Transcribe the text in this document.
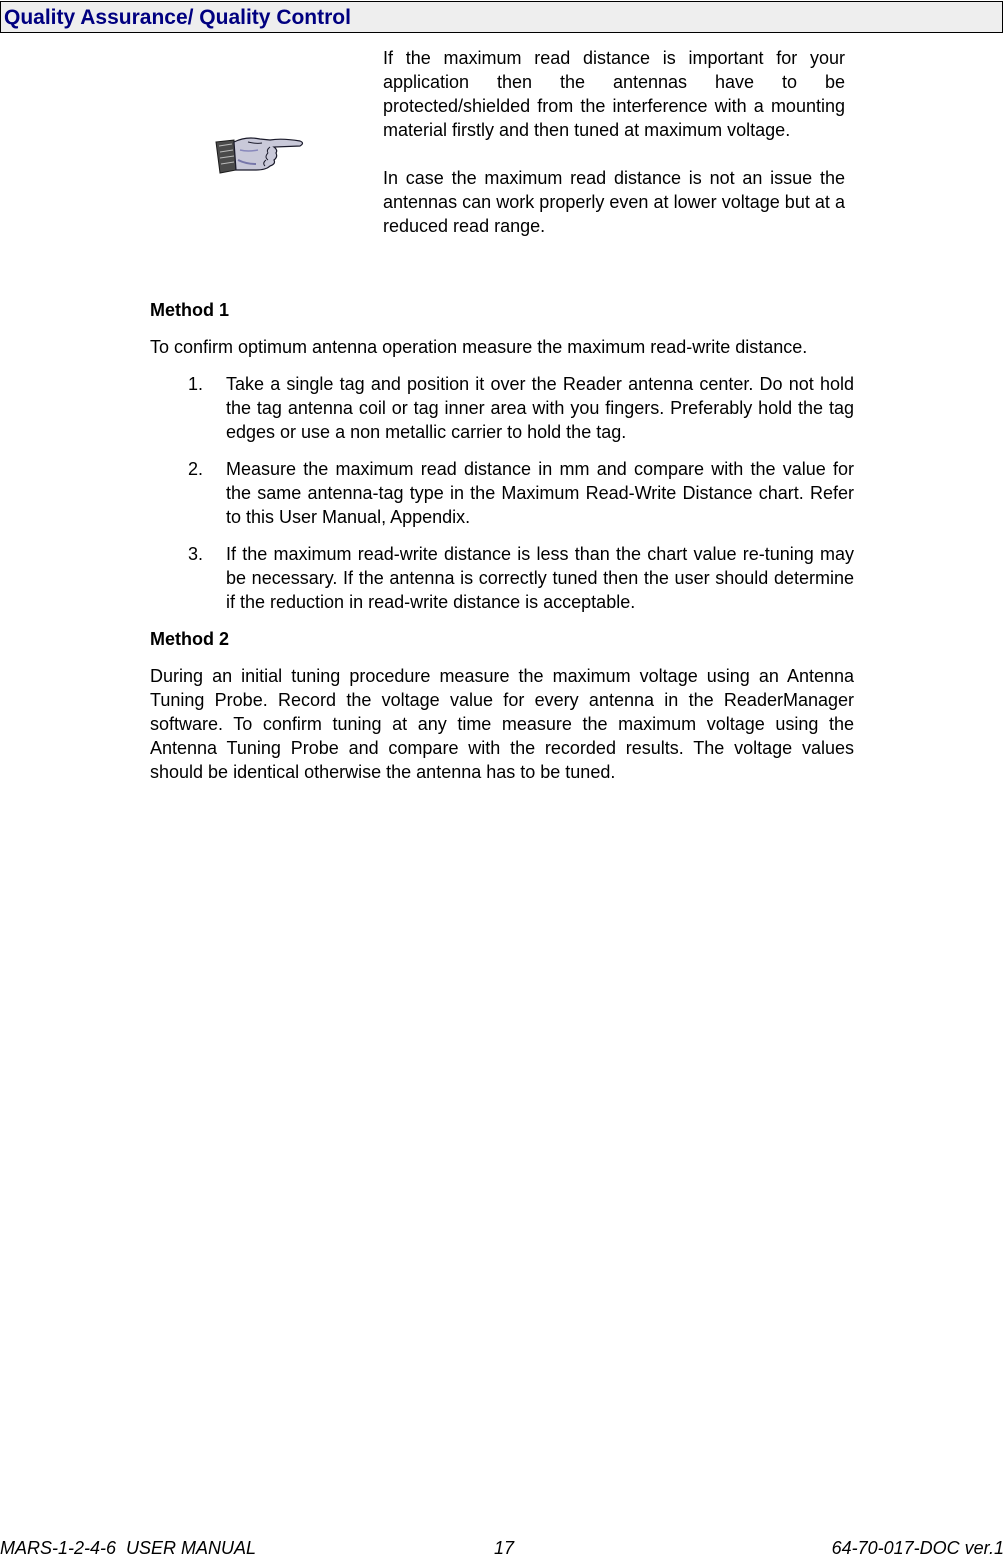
Quality Assurance/ Quality Control

If the maximum read distance is important for your application then the antennas have to be protected/shielded from the interference with a mounting material firstly and then tuned at maximum voltage.

In case the maximum read distance is not an issue the antennas can work properly even at lower voltage but at a reduced read range.

Method 1

To confirm optimum antenna operation measure the maximum read-write distance.

1. Take a single tag and position it over the Reader antenna center. Do not hold the tag antenna coil or tag inner area with you fingers. Preferably hold the tag edges or use a non metallic carrier to hold the tag.
2. Measure the maximum read distance in mm and compare with the value for the same antenna-tag type in the Maximum Read-Write Distance chart. Refer to this User Manual, Appendix.
3. If the maximum read-write distance is less than the chart value re-tuning may be necessary. If the antenna is correctly tuned then the user should determine if the reduction in read-write distance is acceptable.
Method 2

During an initial tuning procedure measure the maximum voltage using an Antenna Tuning Probe. Record the voltage value for every antenna in the ReaderManager software. To confirm tuning at any time measure the maximum voltage using the Antenna Tuning Probe and compare with the recorded results. The voltage values should be identical otherwise the antenna has to be tuned.

MARS-1-2-4-6  USER MANUAL	17	64-70-017-DOC ver.1
